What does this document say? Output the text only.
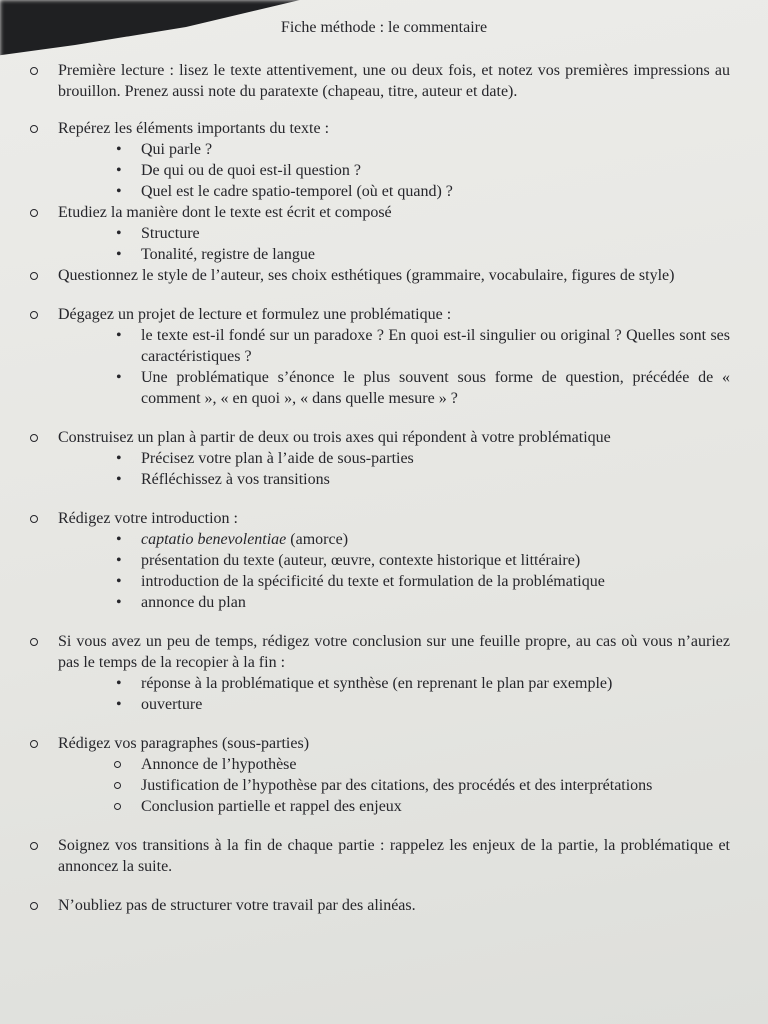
Fiche méthode : le commentaire
Première lecture : lisez le texte attentivement, une ou deux fois, et notez vos premières impressions au brouillon. Prenez aussi note du paratexte (chapeau, titre, auteur et date).
Repérez les éléments importants du texte :
• Qui parle ?
• De qui ou de quoi est-il question ?
• Quel est le cadre spatio-temporel (où et quand) ?
Etudiez la manière dont le texte est écrit et composé
• Structure
• Tonalité, registre de langue
Questionnez le style de l’auteur, ses choix esthétiques (grammaire, vocabulaire, figures de style)
Dégagez un projet de lecture et formulez une problématique :
• le texte est-il fondé sur un paradoxe ? En quoi est-il singulier ou original ? Quelles sont ses caractéristiques ?
• Une problématique s’énonce le plus souvent sous forme de question, précédée de « comment », « en quoi », « dans quelle mesure » ?
Construisez un plan à partir de deux ou trois axes qui répondent à votre problématique
• Précisez votre plan à l’aide de sous-parties
• Réfléchissez à vos transitions
Rédigez votre introduction :
• captatio benevolentiae (amorce)
• présentation du texte (auteur, œuvre, contexte historique et littéraire)
• introduction de la spécificité du texte et formulation de la problématique
• annonce du plan
Si vous avez un peu de temps, rédigez votre conclusion sur une feuille propre, au cas où vous n’auriez pas le temps de la recopier à la fin :
• réponse à la problématique et synthèse (en reprenant le plan par exemple)
• ouverture
Rédigez vos paragraphes (sous-parties)
Annonce de l’hypothèse
Justification de l’hypothèse par des citations, des procédés et des interprétations
Conclusion partielle et rappel des enjeux
Soignez vos transitions à la fin de chaque partie : rappelez les enjeux de la partie, la problématique et annoncez la suite.
N’oubliez pas de structurer votre travail par des alinéas.
